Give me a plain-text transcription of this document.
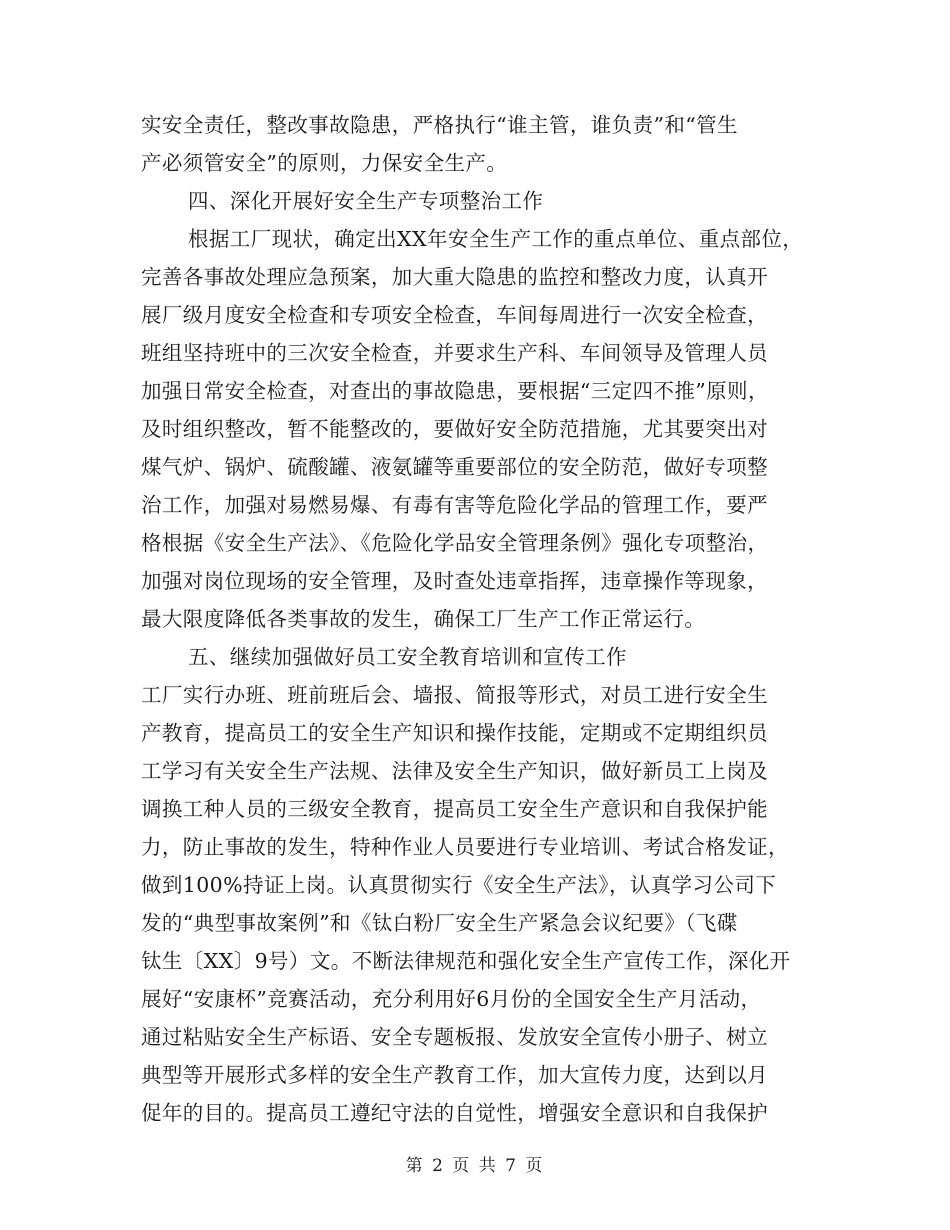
实安全责任，整改事故隐患，严格执行“谁主管，谁负责”和“管生
产必须管安全”的原则，力保安全生产。
四、深化开展好安全生产专项整治工作
根据工厂现状，确定出XX年安全生产工作的重点单位、重点部位，
完善各事故处理应急预案，加大重大隐患的监控和整改力度，认真开
展厂级月度安全检查和专项安全检查，车间每周进行一次安全检查，
班组坚持班中的三次安全检查，并要求生产科、车间领导及管理人员
加强日常安全检查，对查出的事故隐患，要根据“三定四不推”原则，
及时组织整改，暂不能整改的，要做好安全防范措施，尤其要突出对
煤气炉、锅炉、硫酸罐、液氨罐等重要部位的安全防范，做好专项整
治工作，加强对易燃易爆、有毒有害等危险化学品的管理工作，要严
格根据《安全生产法》、《危险化学品安全管理条例》强化专项整治，
加强对岗位现场的安全管理，及时查处违章指挥，违章操作等现象，
最大限度降低各类事故的发生，确保工厂生产工作正常运行。
五、继续加强做好员工安全教育培训和宣传工作
工厂实行办班、班前班后会、墙报、简报等形式，对员工进行安全生
产教育，提高员工的安全生产知识和操作技能，定期或不定期组织员
工学习有关安全生产法规、法律及安全生产知识，做好新员工上岗及
调换工种人员的三级安全教育，提高员工安全生产意识和自我保护能
力，防止事故的发生，特种作业人员要进行专业培训、考试合格发证，
做到100%持证上岗。认真贯彻实行《安全生产法》，认真学习公司下
发的“典型事故案例”和《钛白粉厂安全生产紧急会议纪要》（飞碟
钛生〔XX〕9号）文。不断法律规范和强化安全生产宣传工作，深化开
展好“安康杯”竞赛活动，充分利用好6月份的全国安全生产月活动，
通过粘贴安全生产标语、安全专题板报、发放安全宣传小册子、树立
典型等开展形式多样的安全生产教育工作，加大宣传力度，达到以月
促年的目的。提高员工遵纪守法的自觉性，增强安全意识和自我保护
第 2 页 共 7 页
